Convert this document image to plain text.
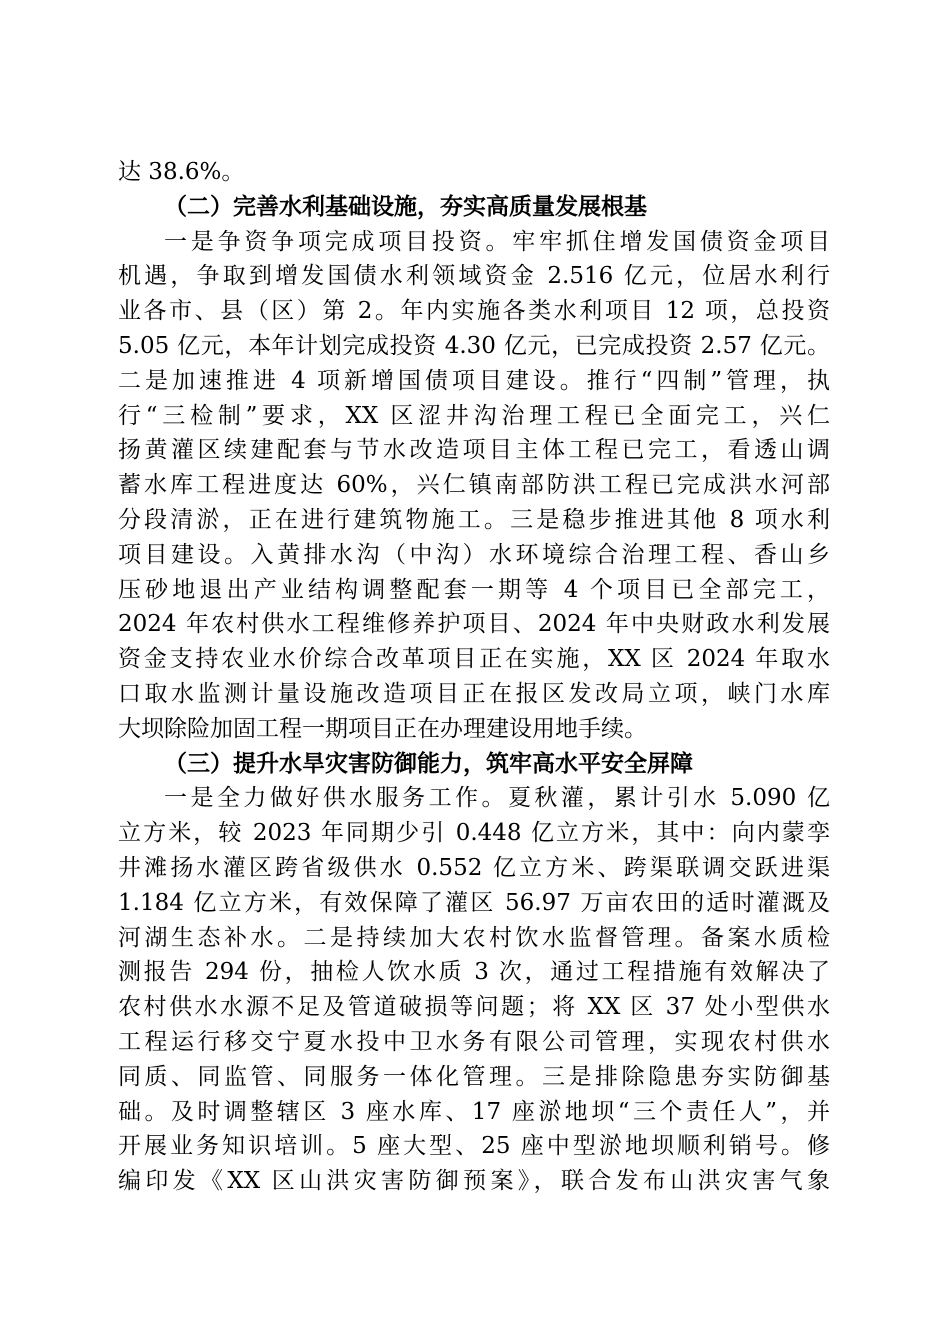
达 38.6%。
（二）完善水利基础设施，夯实高质量发展根基
一是争资争项完成项目投资。牢牢抓住增发国债资金项目
机遇，争取到增发国债水利领域资金 2.516 亿元，位居水利行
业各市、县（区）第 2。年内实施各类水利项目 12 项，总投资
5.05 亿元，本年计划完成投资 4.30 亿元，已完成投资 2.57 亿元。
二是加速推进 4 项新增国债项目建设。推行“四制”管理，执
行“三检制”要求，XX 区涩井沟治理工程已全面完工，兴仁
扬黄灌区续建配套与节水改造项目主体工程已完工，看透山调
蓄水库工程进度达 60%，兴仁镇南部防洪工程已完成洪水河部
分段清淤，正在进行建筑物施工。三是稳步推进其他 8 项水利
项目建设。入黄排水沟（中沟）水环境综合治理工程、香山乡
压砂地退出产业结构调整配套一期等 4 个项目已全部完工，
2024 年农村供水工程维修养护项目、2024 年中央财政水利发展
资金支持农业水价综合改革项目正在实施，XX 区 2024 年取水
口取水监测计量设施改造项目正在报区发改局立项，峡门水库
大坝除险加固工程一期项目正在办理建设用地手续。
（三）提升水旱灾害防御能力，筑牢高水平安全屏障
一是全力做好供水服务工作。夏秋灌，累计引水 5.090 亿
立方米，较 2023 年同期少引 0.448 亿立方米，其中：向内蒙孪
井滩扬水灌区跨省级供水 0.552 亿立方米、跨渠联调交跃进渠
1.184 亿立方米，有效保障了灌区 56.97 万亩农田的适时灌溉及
河湖生态补水。二是持续加大农村饮水监督管理。备案水质检
测报告 294 份，抽检人饮水质 3 次，通过工程措施有效解决了
农村供水水源不足及管道破损等问题；将 XX 区 37 处小型供水
工程运行移交宁夏水投中卫水务有限公司管理，实现农村供水
同质、同监管、同服务一体化管理。三是排除隐患夯实防御基
础。及时调整辖区 3 座水库、17 座淤地坝“三个责任人”，并
开展业务知识培训。5 座大型、25 座中型淤地坝顺利销号。修
编印发《XX 区山洪灾害防御预案》，联合发布山洪灾害气象
